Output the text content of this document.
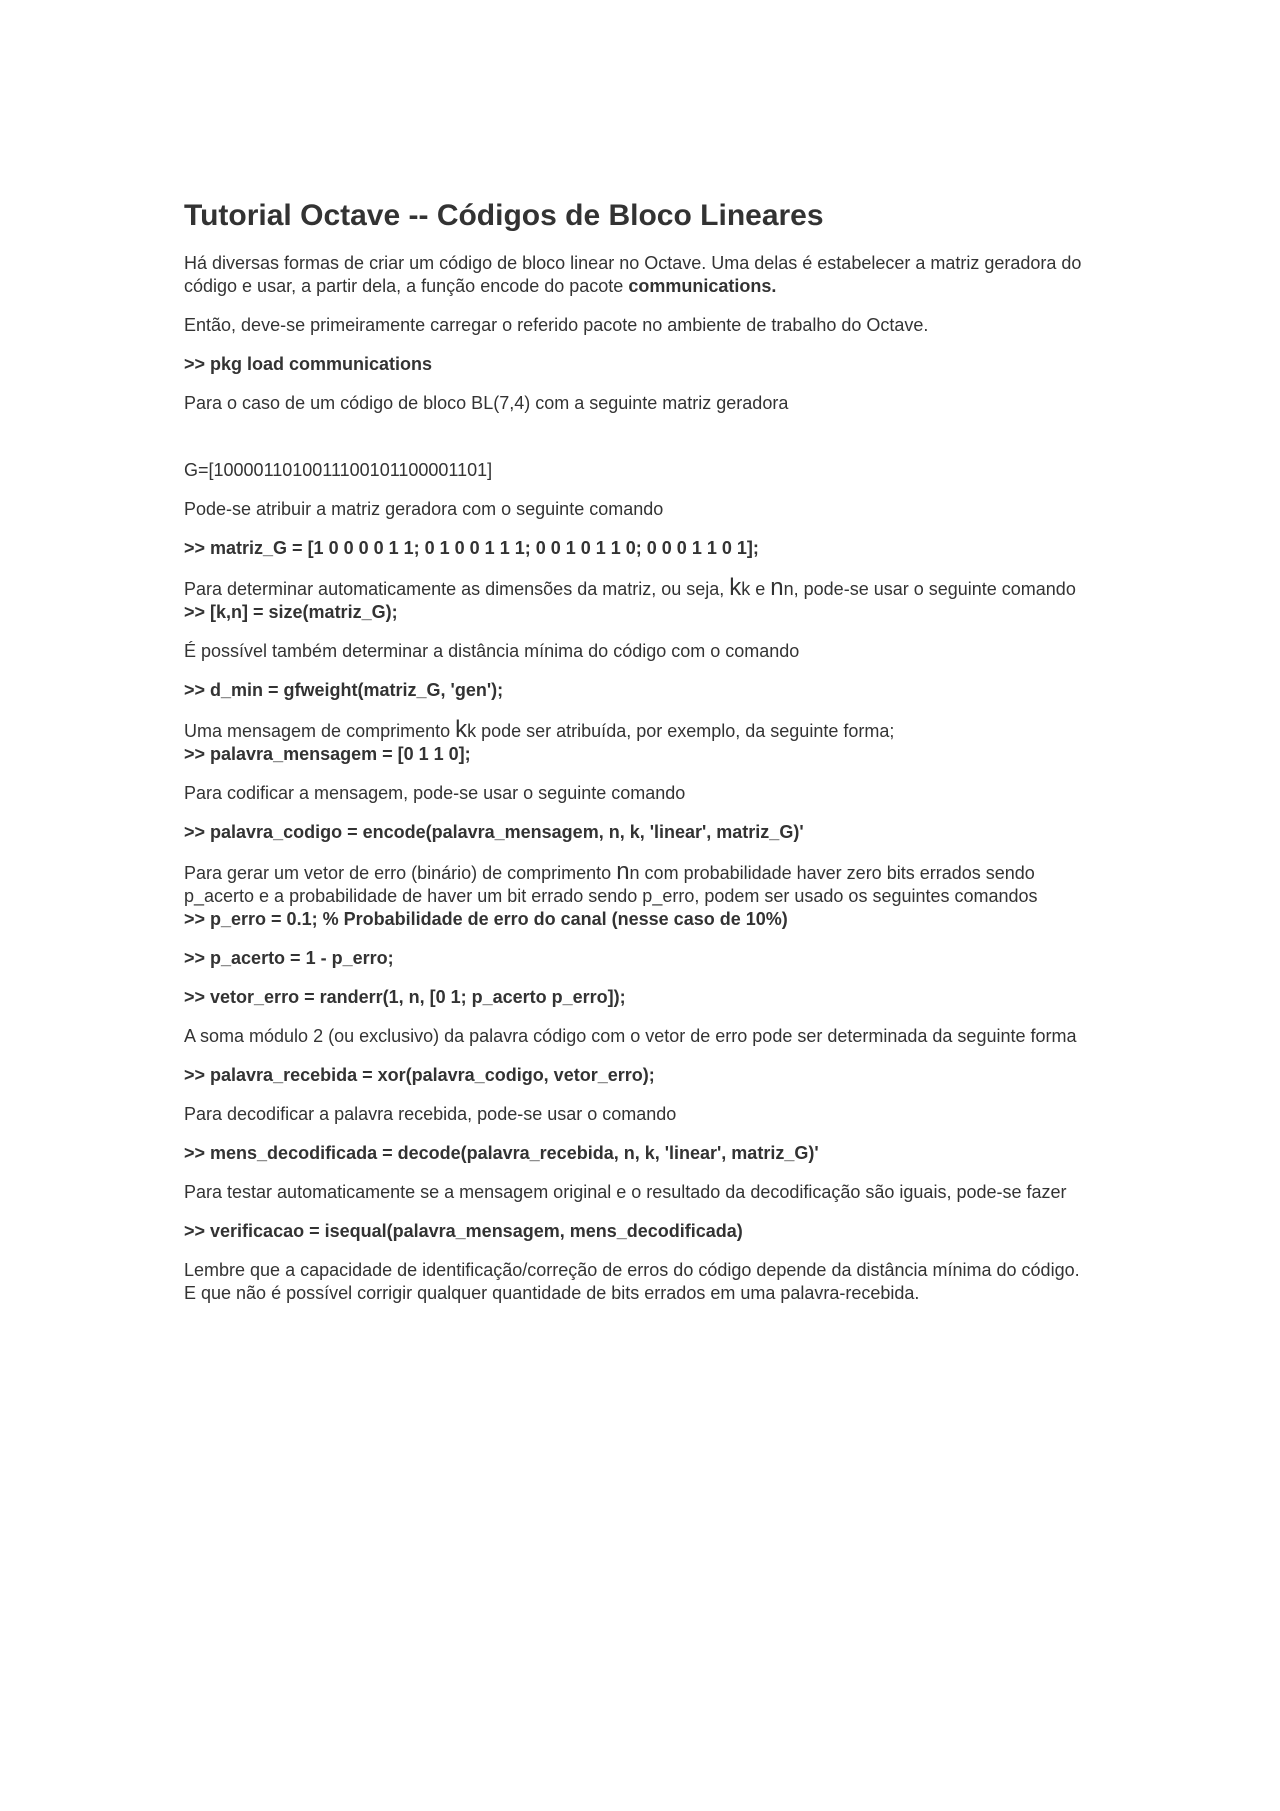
Tutorial Octave -- Códigos de Bloco Lineares

Há diversas formas de criar um código de bloco linear no Octave. Uma delas é estabelecer a matriz geradora do código e usar, a partir dela, a função encode do pacote communications.

Então, deve-se primeiramente carregar o referido pacote no ambiente de trabalho do Octave.

>> pkg load communications

Para o caso de um código de bloco BL(7,4) com a seguinte matriz geradora

G=[1000011010011100101100001101]

Pode-se atribuir a matriz geradora com o seguinte comando

>> matriz_G = [1 0 0 0 0 1 1; 0 1 0 0 1 1 1; 0 0 1 0 1 1 0; 0 0 0 1 1 0 1];

Para determinar automaticamente as dimensões da matriz, ou seja, kk e nn, pode-se usar o seguinte comando

>> [k,n] = size(matriz_G);

É possível também determinar a distância mínima do código com o comando

>> d_min = gfweight(matriz_G, 'gen');

Uma mensagem de comprimento kk pode ser atribuída, por exemplo, da seguinte forma;

>> palavra_mensagem = [0 1 1 0];

Para codificar a mensagem, pode-se usar o seguinte comando

>> palavra_codigo = encode(palavra_mensagem, n, k, 'linear', matriz_G)'

Para gerar um vetor de erro (binário) de comprimento nn com probabilidade haver zero bits errados sendo p_acerto e a probabilidade de haver um bit errado sendo p_erro, podem ser usado os seguintes comandos

>> p_erro = 0.1; % Probabilidade de erro do canal (nesse caso de 10%)

>> p_acerto = 1 - p_erro;

>> vetor_erro = randerr(1, n, [0 1; p_acerto p_erro]);

A soma módulo 2 (ou exclusivo) da palavra código com o vetor de erro pode ser determinada da seguinte forma

>> palavra_recebida = xor(palavra_codigo, vetor_erro);

Para decodificar a palavra recebida, pode-se usar o comando

>> mens_decodificada = decode(palavra_recebida, n, k, 'linear', matriz_G)'

Para testar automaticamente se a mensagem original e o resultado da decodificação são iguais, pode-se fazer

>> verificacao = isequal(palavra_mensagem, mens_decodificada)

Lembre que a capacidade de identificação/correção de erros do código depende da distância mínima do código. E que não é possível corrigir qualquer quantidade de bits errados em uma palavra-recebida.
